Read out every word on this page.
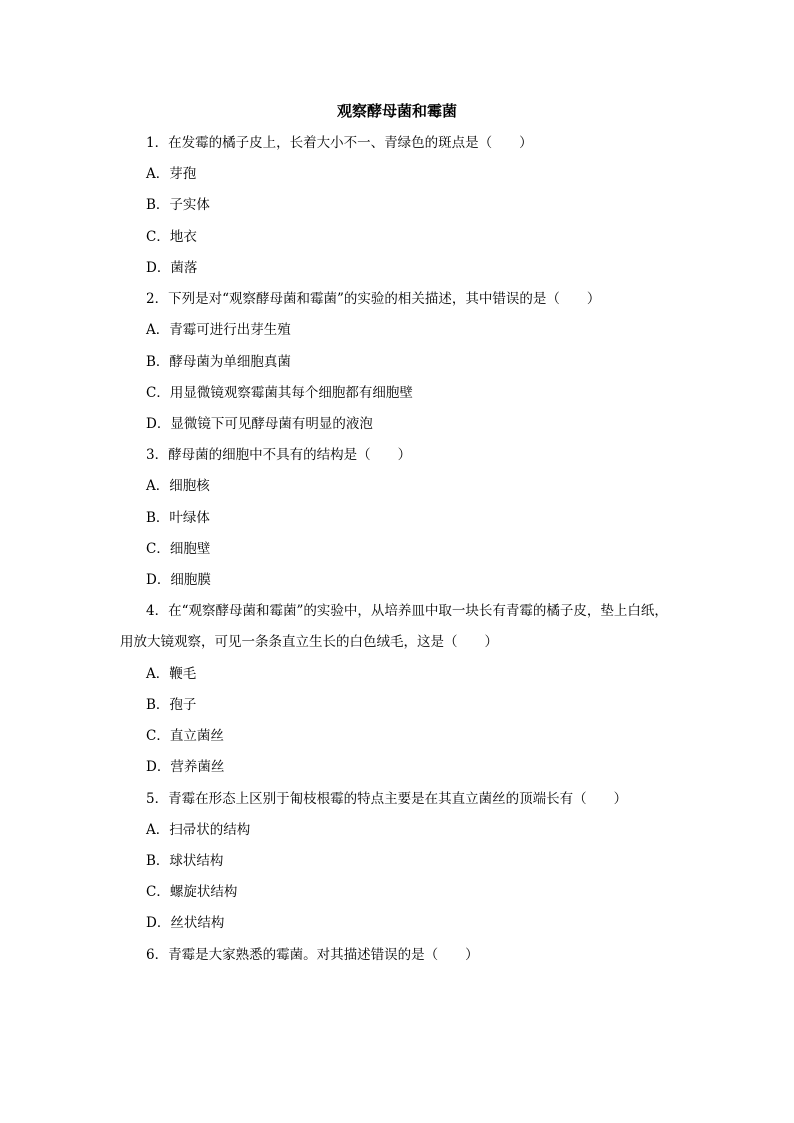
观察酵母菌和霉菌
1．在发霉的橘子皮上，长着大小不一、青绿色的斑点是（　　）
A．芽孢
B．子实体
C．地衣
D．菌落
2．下列是对“观察酵母菌和霉菌”的实验的相关描述，其中错误的是（　　）
A．青霉可进行出芽生殖
B．酵母菌为单细胞真菌
C．用显微镜观察霉菌其每个细胞都有细胞壁
D．显微镜下可见酵母菌有明显的液泡
3．酵母菌的细胞中不具有的结构是（　　）
A．细胞核
B．叶绿体
C．细胞壁
D．细胞膜
4．在“观察酵母菌和霉菌”的实验中，从培养皿中取一块长有青霉的橘子皮，垫上白纸，
用放大镜观察，可见一条条直立生长的白色绒毛，这是（　　）
A．鞭毛
B．孢子
C．直立菌丝
D．营养菌丝
5．青霉在形态上区别于匍枝根霉的特点主要是在其直立菌丝的顶端长有（　　）
A．扫帚状的结构
B．球状结构
C．螺旋状结构
D．丝状结构
6．青霉是大家熟悉的霉菌。对其描述错误的是（　　）
